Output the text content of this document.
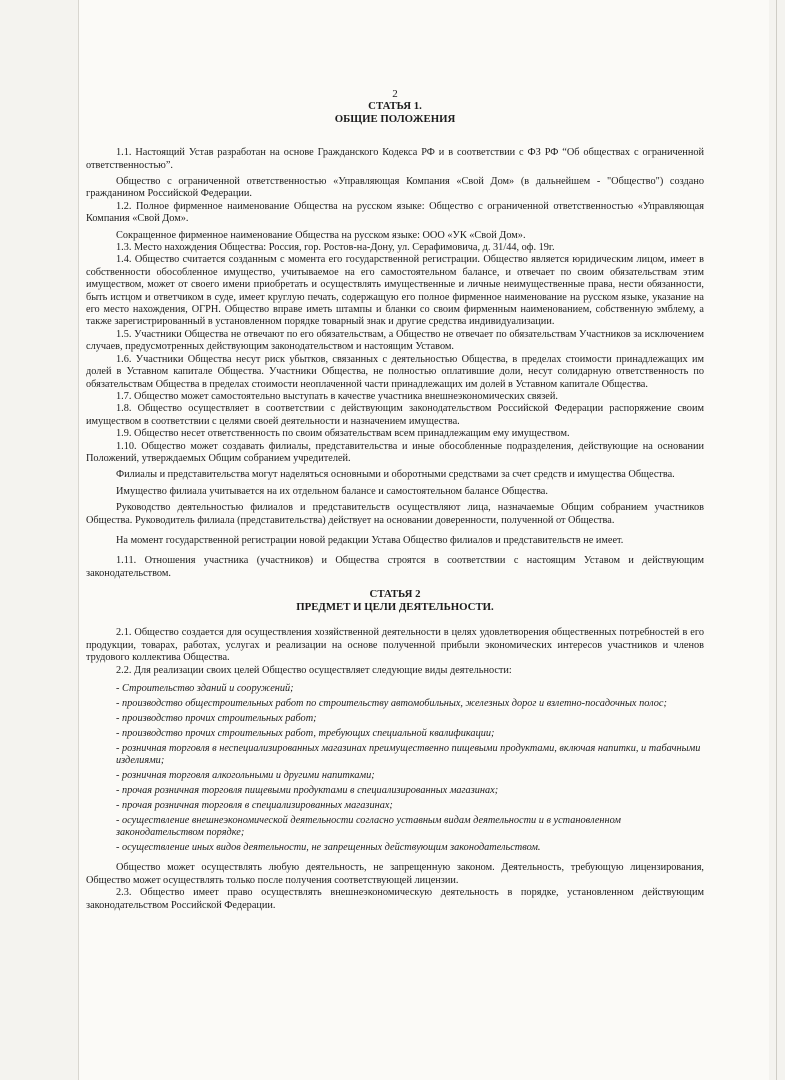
2
СТАТЬЯ 1.
ОБЩИЕ ПОЛОЖЕНИЯ

1.1. Настоящий Устав разработан на основе Гражданского Кодекса РФ и в соответствии с ФЗ РФ “Об обществах с ограниченной ответственностью”.

Общество с ограниченной ответственностью «Управляющая Компания «Свой Дом» (в дальнейшем - "Общество") создано гражданином Российской Федерации.

1.2. Полное фирменное наименование Общества на русском языке: Общество с ограниченной ответственностью «Управляющая Компания «Свой Дом».

Сокращенное фирменное наименование Общества на русском языке: ООО «УК «Свой Дом».

1.3. Место нахождения Общества: Россия, гор. Ростов-на-Дону, ул. Серафимовича, д. 31/44, оф. 19г.

1.4. Общество считается созданным с момента его государственной регистрации. Общество является юридическим лицом, имеет в собственности обособленное имущество, учитываемое на его самостоятельном балансе, и отвечает по своим обязательствам этим имуществом, может от своего имени приобретать и осуществлять имущественные и личные неимущественные права, нести обязанности, быть истцом и ответчиком в суде, имеет круглую печать, содержащую его полное фирменное наименование на русском языке, указание на его место нахождения, ОГРН. Общество вправе иметь штампы и бланки со своим фирменным наименованием, собственную эмблему, а также зарегистрированный в установленном порядке товарный знак и другие средства индивидуализации.

1.5. Участники Общества не отвечают по его обязательствам, а Общество не отвечает по обязательствам Участников за исключением случаев, предусмотренных действующим законодательством и настоящим Уставом.

1.6. Участники Общества несут риск убытков, связанных с деятельностью Общества, в пределах стоимости принадлежащих им долей в Уставном капитале Общества. Участники Общества, не полностью оплатившие доли, несут солидарную ответственность по обязательствам Общества в пределах стоимости неоплаченной части принадлежащих им долей в Уставном капитале Общества.

1.7. Общество может самостоятельно выступать в качестве участника внешнеэкономических связей.

1.8. Общество осуществляет в соответствии с действующим законодательством Российской Федерации распоряжение своим имуществом в соответствии с целями своей деятельности и назначением имущества.

1.9. Общество несет ответственность по своим обязательствам всем принадлежащим ему имуществом.

1.10. Общество может создавать филиалы, представительства и иные обособленные подразделения, действующие на основании Положений, утверждаемых Общим собранием учредителей.

Филиалы и представительства могут наделяться основными и оборотными средствами за счет средств и имущества Общества.

Имущество филиала учитывается на их отдельном балансе и самостоятельном балансе Общества.

Руководство деятельностью филиалов и представительств осуществляют лица, назначаемые Общим собранием участников Общества. Руководитель филиала (представительства) действует на основании доверенности, полученной от Общества.

На момент государственной регистрации новой редакции Устава Общество филиалов и представительств не имеет.

1.11. Отношения участника (участников) и Общества строятся в соответствии с настоящим Уставом и действующим законодательством.

СТАТЬЯ 2
ПРЕДМЕТ И ЦЕЛИ ДЕЯТЕЛЬНОСТИ.

2.1. Общество создается для осуществления хозяйственной деятельности в целях удовлетворения общественных потребностей в его продукции, товарах, работах, услугах и реализации на основе полученной прибыли экономических интересов участников и членов трудового коллектива Общества.

2.2. Для реализации своих целей Общество осуществляет следующие виды деятельности:

- Строительство зданий и сооружений;

- производство общестроительных работ по строительству автомобильных, железных дорог и взлетно-посадочных полос;

- производство прочих строительных работ;

- производство прочих строительных работ, требующих специальной квалификации;

- розничная торговля в неспециализированных магазинах преимущественно пищевыми продуктами, включая напитки, и табачными изделиями;

- розничная торговля алкогольными и другими напитками;

- прочая розничная торговля пищевыми продуктами в специализированных магазинах;

- прочая розничная торговля в специализированных магазинах;

- осуществление внешнеэкономической деятельности согласно уставным видам деятельности и в установленном законодательством порядке;

- осуществление иных видов деятельности, не запрещенных действующим законодательством.

Общество может осуществлять любую деятельность, не запрещенную законом. Деятельность, требующую лицензирования, Общество может осуществлять только после получения соответствующей лицензии.

2.3. Общество имеет право осуществлять внешнеэкономическую деятельность в порядке, установленном действующим законодательством Российской Федерации.
